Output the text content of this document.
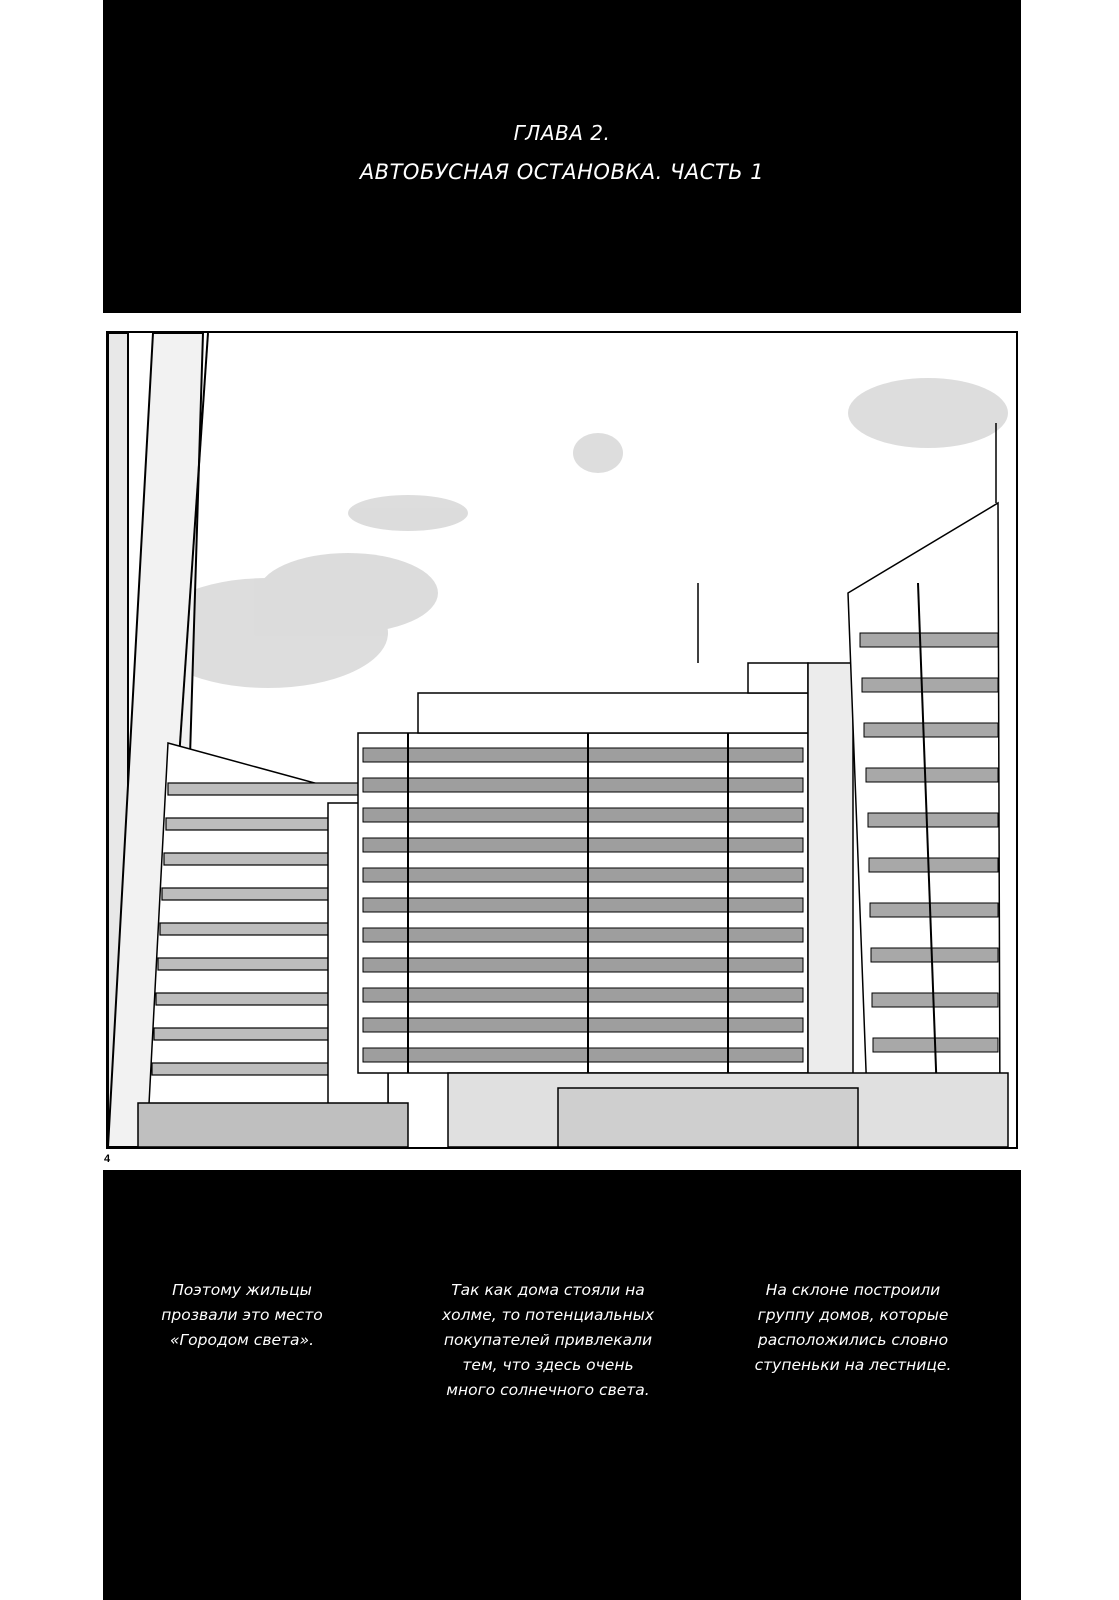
ГЛАВА 2.
АВТОБУСНАЯ ОСТАНОВКА. ЧАСТЬ 1
4
Поэтому жильцы
прозвали это место
«Городом света».
Так как дома стояли на
холме, то потенциальных
покупателей привлекали
тем, что здесь очень
много солнечного света.
На склоне построили
группу домов, которые
расположились словно
ступеньки на лестнице.
